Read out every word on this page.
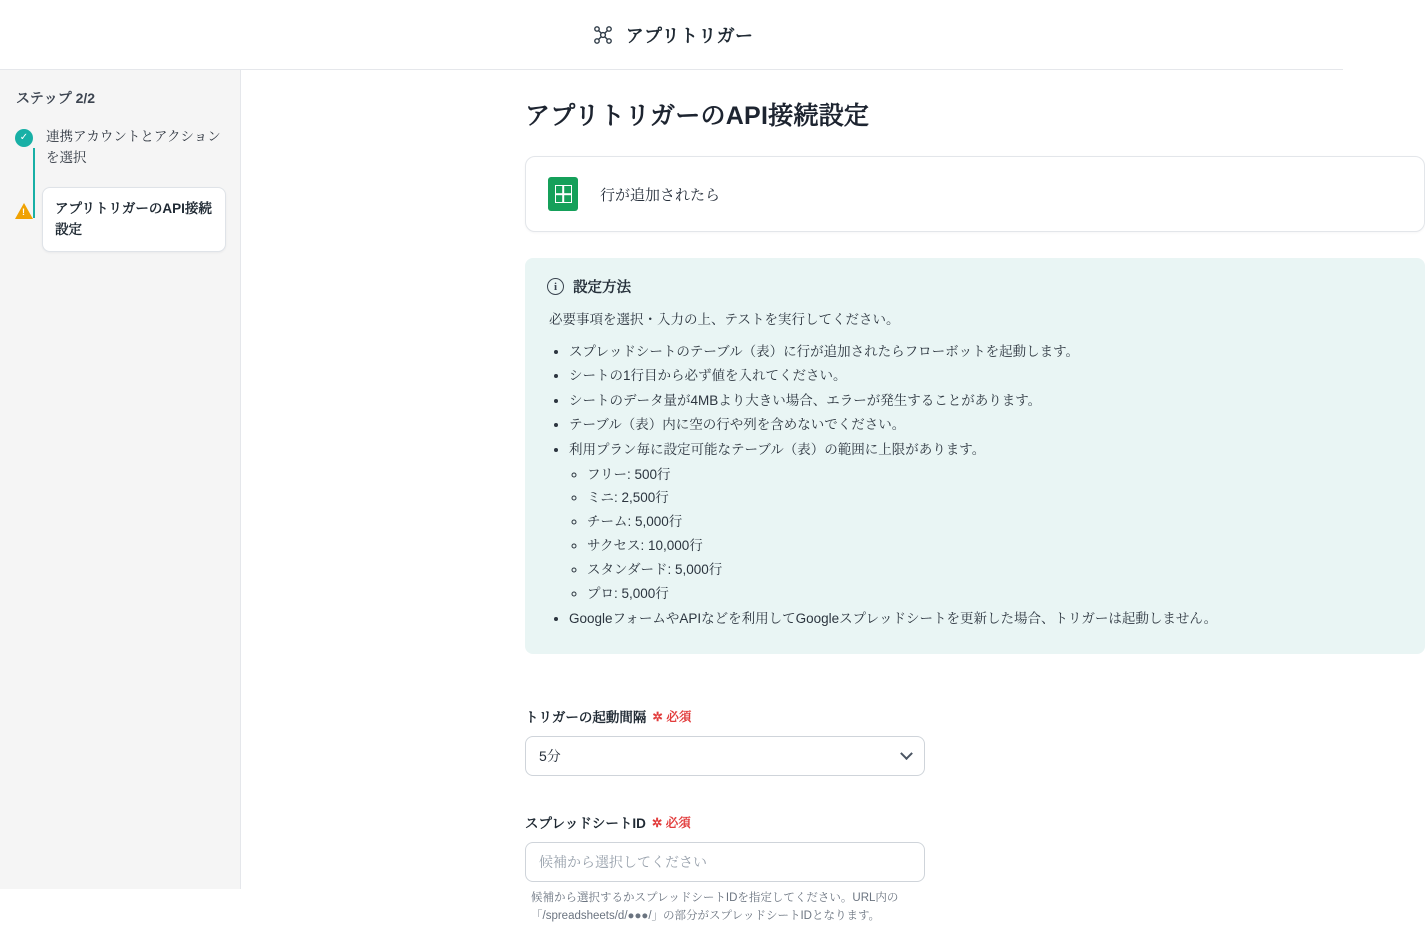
アプリトリガー
ステップ 2/2
✓	連携アカウントとアクションを選択
!
アプリトリガーのAPI接続設定
アプリトリガーのAPI接続設定
行が追加されたら
i	設定方法

必要事項を選択・入力の上、テストを実行してください。

• スプレッドシートのテーブル（表）に行が追加されたらフローボットを起動します。
• シートの1行目から必ず値を入れてください。
• シートのデータ量が4MBより大きい場合、エラーが発生することがあります。
• テーブル（表）内に空の行や列を含めないでください。
• 利用プラン毎に設定可能なテーブル（表）の範囲に上限があります。
◦ フリー: 500行
◦ ミニ: 2,500行
◦ チーム: 5,000行
◦ サクセス: 10,000行
◦ スタンダード: 5,000行
◦ プロ: 5,000行
• GoogleフォームやAPIなどを利用してGoogleスプレッドシートを更新した場合、トリガーは起動しません。
トリガーの起動間隔 ✲ 必須
5分
スプレッドシートID ✲ 必須
候補から選択してください
候補から選択するかスプレッドシートIDを指定してください。URL内の「/spreadsheets/d/●●●/」の部分がスプレッドシートIDとなります。
